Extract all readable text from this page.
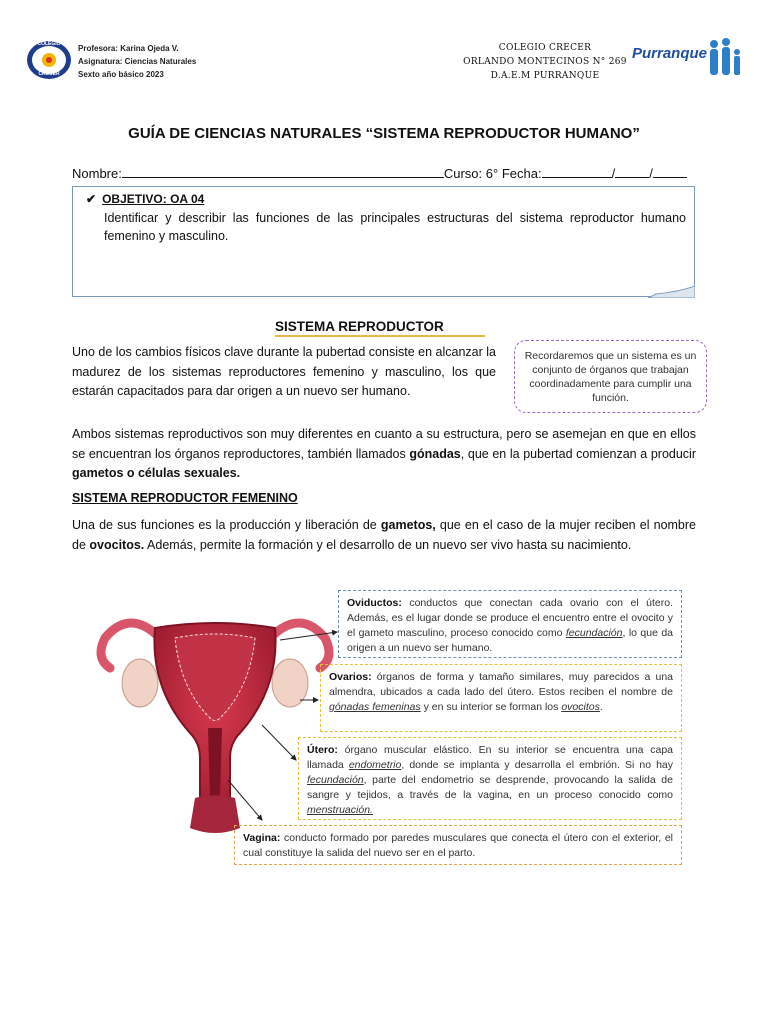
COLEGIO
CRECER
Profesora: Karina Ojeda V.
Asignatura: Ciencias Naturales
Sexto año básico 2023
COLEGIO CRECER
ORLANDO MONTECINOS N° 269
D.A.E.M PURRANQUE
Purranque
GUÍA DE CIENCIAS NATURALES “SISTEMA REPRODUCTOR HUMANO”
Nombre:	Curso: 6° Fecha:	/	/
✔ OBJETIVO: OA 04
Identificar y describir las funciones de las principales estructuras del sistema reproductor humano femenino y masculino.
SISTEMA REPRODUCTOR

Uno de los cambios físicos clave durante la pubertad consiste en alcanzar la madurez de los sistemas reproductores femenino y masculino, los que estarán capacitados para dar origen a un nuevo ser humano.

Recordaremos que un sistema es un conjunto de órganos que trabajan coordinadamente para cumplir una función.

Ambos sistemas reproductivos son muy diferentes en cuanto a su estructura, pero se asemejan en que en ellos se encuentran los órganos reproductores, también llamados gónadas, que en la pubertad comienzan a producir gametos o células sexuales.

SISTEMA REPRODUCTOR FEMENINO

Una de sus funciones es la producción y liberación de gametos, que en el caso de la mujer reciben el nombre de ovocitos. Además, permite la formación y el desarrollo de un nuevo ser vivo hasta su nacimiento.

Oviductos: conductos que conectan cada ovario con el útero. Además, es el lugar donde se produce el encuentro entre el ovocito y el gameto masculino, proceso conocido como fecundación, lo que da origen a un nuevo ser humano.
Ovarios: órganos de forma y tamaño similares, muy parecidos a una almendra, ubicados a cada lado del útero. Estos reciben el nombre de gónadas femeninas y en su interior se forman los ovocitos.
Útero: órgano muscular elástico. En su interior se encuentra una capa llamada endometrio, donde se implanta y desarrolla el embrión. Si no hay fecundación, parte del endometrio se desprende, provocando la salida de sangre y tejidos, a través de la vagina, en un proceso conocido como menstruación.
Vagina: conducto formado por paredes musculares que conecta el útero con el exterior, el cual constituye la salida del nuevo ser en el parto.
